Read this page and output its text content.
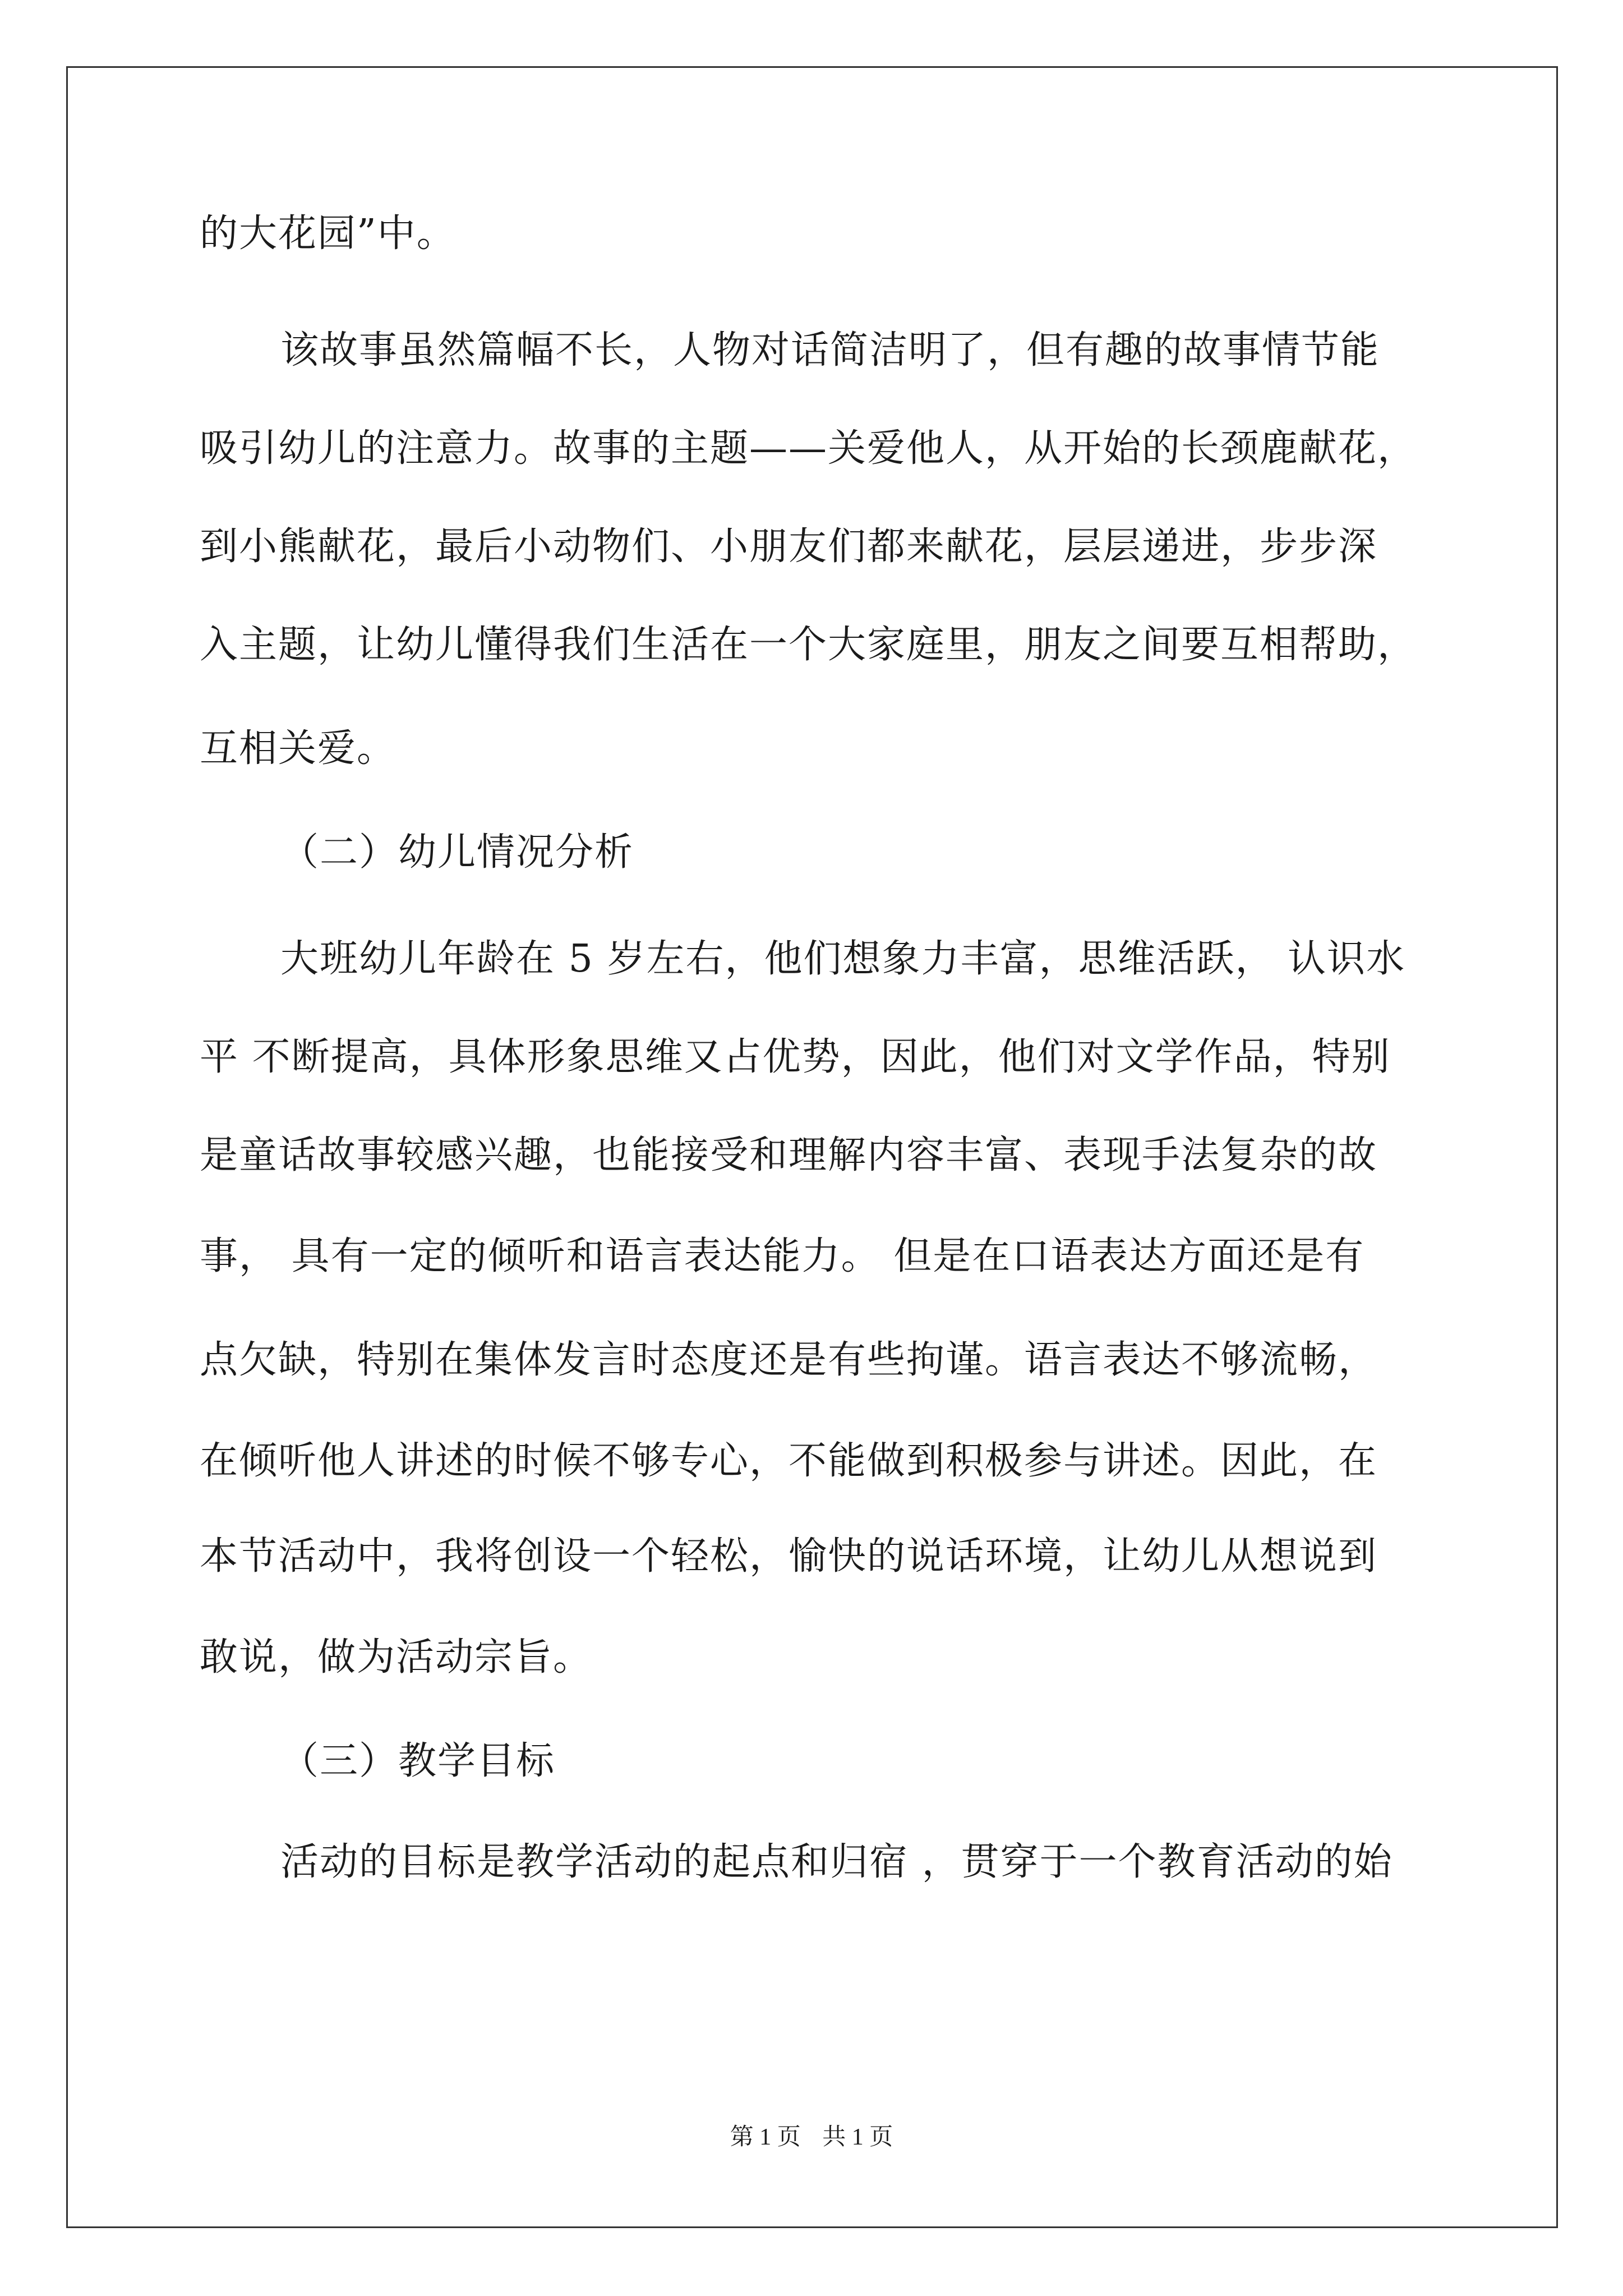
的大花园”中。
该故事虽然篇幅不长，人物对话简洁明了，但有趣的故事情节能
吸引幼儿的注意力。故事的主题——关爱他人，从开始的长颈鹿献花，
到小熊献花，最后小动物们、小朋友们都来献花，层层递进，步步深
入主题，让幼儿懂得我们生活在一个大家庭里，朋友之间要互相帮助，
互相关爱。
（二）幼儿情况分析
大班幼儿年龄在 5 岁左右，他们想象力丰富，思维活跃， 认识水
平 不断提高，具体形象思维又占优势，因此，他们对文学作品，特别
是童话故事较感兴趣，也能接受和理解内容丰富、表现手法复杂的故
事， 具有一定的倾听和语言表达能力。 但是在口语表达方面还是有
点欠缺，特别在集体发言时态度还是有些拘谨。语言表达不够流畅，
在倾听他人讲述的时候不够专心，不能做到积极参与讲述。因此，在
本节活动中，我将创设一个轻松，愉快的说话环境，让幼儿从想说到
敢说，做为活动宗旨。
（三）教学目标
活动的目标是教学活动的起点和归宿 ，贯穿于一个教育活动的始
第 1 页 共 1 页
